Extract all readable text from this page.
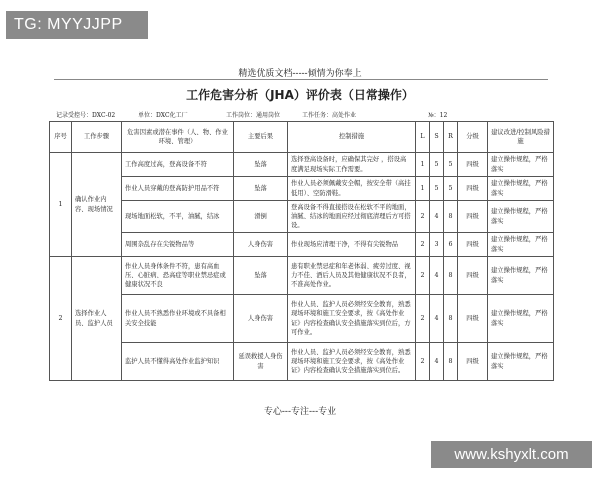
TG: MYYJJPP
精选优质文档-----倾情为你奉上
工作危害分析（JHA）评价表（日常操作）
记录受控号：DXC-02	单位：DXC化工厂	工作岗位：通用岗位	工作任务：高处作业	№：12
序号	工作步骤	危害因素或潜在事件（人、物、作业环境、管理）	主要后果	控制措施	L	S	R	分级	建议改进/控制风险措施
1	确认作业内容、现场情况	工作高度过高，登高设备不符	坠落	选择登高设备时，应确保其完好 ，搭设高度满足现场实际工作需要。	1	5	5	四级	建立操作规程，严格落实
		作业人员穿戴的登高防护用品不符	坠落	作业人员必须佩戴安全帽，按安全带（高挂低用）、空防滑鞋。	1	5	5	四级	建立操作规程，严格落实
		现场地面松软，不平，油腻，结冰	滑倒	登高设备不得直接搭设在松软不平的地面，油腻、结冰的地面应经过彻底清理后方可搭设。	2	4	8	四级	建立操作规程，严格落实
		周围杂乱存在尖锐物品等	人身伤害	作业现场应清理干净，不得有尖锐物品	2	3	6	四级	建立操作规程，严格落实
2	选择作业人员、监护人员	作业人员身体条件不符，患有高血压、心脏病、恐高症等职业禁忌症或健康状况不良	坠落	患有职业禁忌症和年老体弱、疲劳过度、视力不佳、酒后人员及其他健康状况不良者，不准高处作业。	2	4	8	四级	建立操作规程，严格落实
		作业人员不熟悉作业环境或不具备相关安全技能	人身伤害	作业人员、监护人员必须经安全教育，熟悉现场环境和施工安全要求，按《高处作业证》内容检查确认安全措施落实到位后，方可作业。	2	4	8	四级	建立操作规程，严格落实
		监护人员不懂得高处作业监护知识	延误救援人身伤害	作业人员、监护人员必须经安全教育，熟悉现场环境和施工安全要求，按《高处作业证》内容检查确认安全措施落实到位后。	2	4	8	四级	建立操作规程，严格落实
专心---专注---专业
www.kshyxlt.com
